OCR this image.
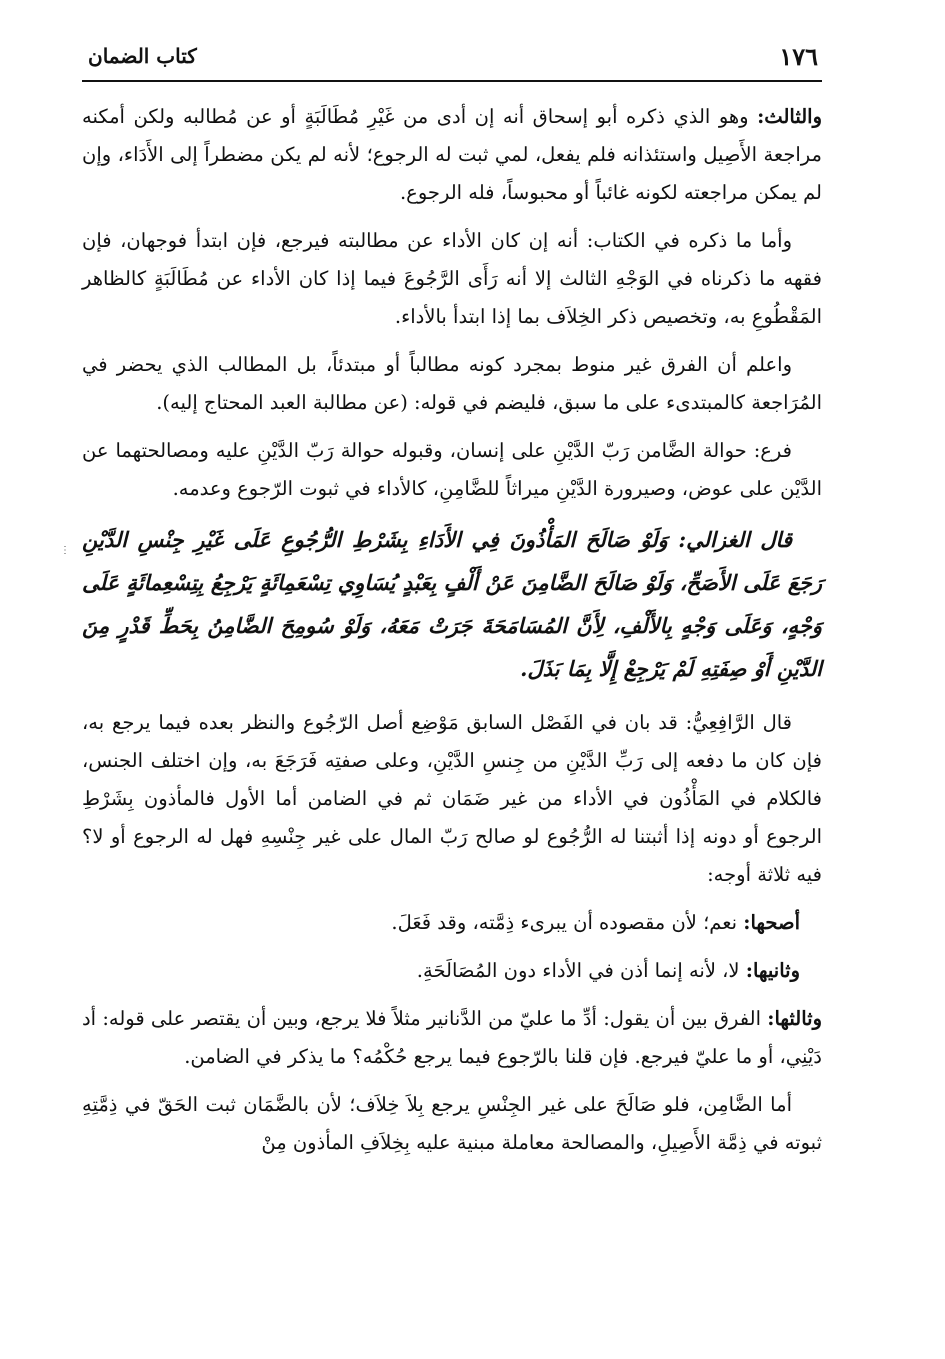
١٧٦
كتاب الضمان

والثالث: وهو الذي ذكره أبو إسحاق أنه إن أدى من غَيْرِ مُطَالَبَةٍ أو عن مُطالبه ولكن أمكنه مراجعة الأَصِيل واستئذانه فلم يفعل، لمي ثبت له الرجوع؛ لأنه لم يكن مضطراً إلى الأَدَاء، وإن لم يمكن مراجعته لكونه غائباً أو محبوساً، فله الرجوع.

وأما ما ذكره في الكتاب: أنه إن كان الأداء عن مطالبته فيرجع، فإن ابتدأ فوجهان، فإن فقهه ما ذكرناه في الوَجْهِ الثالث إلا أنه رَأَى الرَّجُوعَ فيما إذا كان الأداء عن مُطَالَبَةٍ كالظاهر المَقْطُوعِ به، وتخصيص ذكر الخِلاَف بما إذا ابتدأ بالأداء.

واعلم أن الفرق غير منوط بمجرد كونه مطالباً أو مبتدئاً، بل المطالب الذي يحضر في المُرَاجعة كالمبتدىء على ما سبق، فليضم في قوله: (عن مطالبة العبد المحتاج إليه).

فرع: حوالة الضَّامن رَبّ الدَّيْنِ على إنسان، وقبوله حوالة رَبّ الدَّيْنِ عليه ومصالحتهما عن الدَّيْن على عوض، وصيرورة الدَّيْنِ ميراثاً للضَّامِنِ، كالأداء في ثبوت الرّجوع وعدمه.

قال الغزالي: وَلَوْ صَالَحَ المَأْذُونَ فِي الأَدَاءِ بِشَرْطِ الرُّجُوعِ عَلَى غَيْرِ جِنْسِ الدَّيْنِ رَجَعَ عَلَى الأَصَحِّ، وَلَوْ صَالَحَ الضَّامِنَ عَنْ أَلْفٍ بِعَبْدٍ يُسَاوِي تِسْعَمِائَةٍ يَرْجِعُ بِتِسْعِمائَةٍ عَلَى وَجْهٍ، وَعَلَى وَجْهٍ بِالأَلْفِ، لِأَنَّ المُسَامَحَةَ جَرَتْ مَعَهُ، وَلَوْ سُومِحَ الضَّامِنُ بِحَطِّ قَدْرٍ مِنَ الدَّيْنِ أَوْ صِفَتِهِ لَمْ يَرْجِعْ إِلَّا بِمَا بَذَلَ.

قال الرَّافِعِيُّ: قد بان في الفَصْل السابق مَوْضِع أصل الرّجُوع والنظر بعده فيما يرجع به، فإن كان ما دفعه إلى رَبِّ الدَّيْنِ من جِنسِ الدَّيْنِ، وعلى صفتِه فَرَجَعَ به، وإن اختلف الجنس، فالكلام في المَأْذُون في الأداء من غير ضَمَان ثم في الضامن أما الأول فالمأذون بِشَرْطِ الرجوع أو دونه إذا أثبتنا له الرُّجُوع لو صالح رَبّ المال على غير جِنْسِهِ فهل له الرجوع أو لا؟ فيه ثلاثة أوجه:

أصحها: نعم؛ لأن مقصوده أن يبرىء ذِمَّته، وقد فَعَلَ.

وثانيها: لا، لأنه إنما أذن في الأداء دون المُصَالَحَةِ.

وثالثها: الفرق بين أن يقول: أدِّ ما عليّ من الدَّنانير مثلاً فلا يرجع، وبين أن يقتصر على قوله: أد دَيْنِي، أو ما عليّ فيرجع. فإن قلنا بالرّجوع فيما يرجع حُكْمُه؟ ما يذكر في الضامن.

أما الضَّامِن، فلو صَالَحَ على غير الجِنْسِ يرجع بِلاَ خِلاَف؛ لأن بالضَّمَان ثبت الحَقّ في ذِمَّتِهِ ثبوته في ذِمَّة الأَصِيلِ، والمصالحة معاملة مبنية عليه بِخِلاَفِ المأذون مِنْ

⋮
